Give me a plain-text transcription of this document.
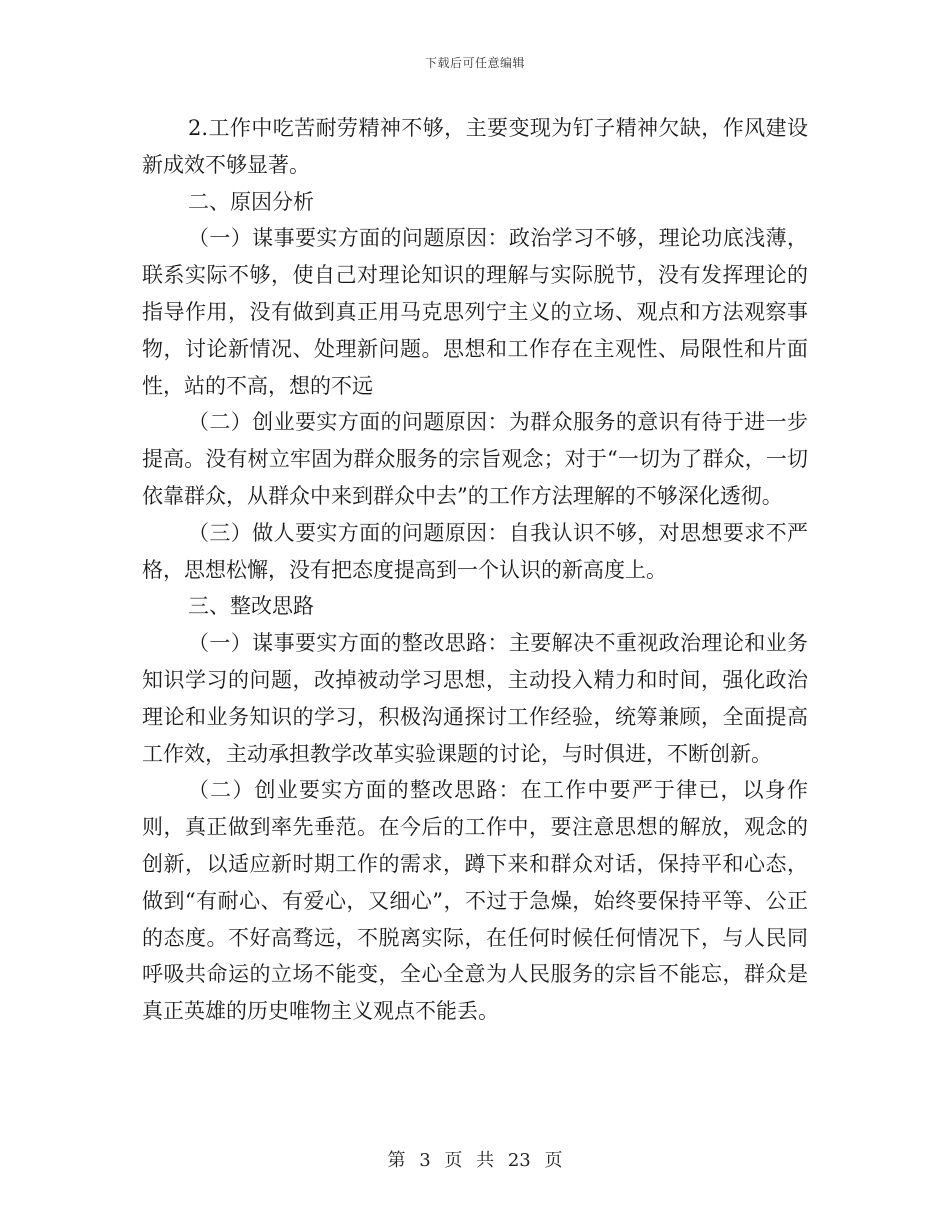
下载后可任意编辑

2.工作中吃苦耐劳精神不够，主要变现为钉子精神欠缺，作风建设新成效不够显著。

二、原因分析

（一）谋事要实方面的问题原因：政治学习不够，理论功底浅薄，联系实际不够，使自己对理论知识的理解与实际脱节，没有发挥理论的指导作用，没有做到真正用马克思列宁主义的立场、观点和方法观察事物，讨论新情况、处理新问题。思想和工作存在主观性、局限性和片面性，站的不高，想的不远

（二）创业要实方面的问题原因：为群众服务的意识有待于进一步提高。没有树立牢固为群众服务的宗旨观念；对于“一切为了群众，一切依靠群众，从群众中来到群众中去”的工作方法理解的不够深化透彻。

（三）做人要实方面的问题原因：自我认识不够，对思想要求不严格，思想松懈，没有把态度提高到一个认识的新高度上。

三、整改思路

（一）谋事要实方面的整改思路：主要解决不重视政治理论和业务知识学习的问题，改掉被动学习思想，主动投入精力和时间，强化政治理论和业务知识的学习，积极沟通探讨工作经验，统筹兼顾，全面提高工作效，主动承担教学改革实验课题的讨论，与时俱进，不断创新。

（二）创业要实方面的整改思路：在工作中要严于律已，以身作则，真正做到率先垂范。在今后的工作中，要注意思想的解放，观念的创新，以适应新时期工作的需求，蹲下来和群众对话，保持平和心态，做到“有耐心、有爱心，又细心”，不过于急燥，始终要保持平等、公正的态度。不好高骛远，不脱离实际，在任何时候任何情况下，与人民同呼吸共命运的立场不能变，全心全意为人民服务的宗旨不能忘，群众是真正英雄的历史唯物主义观点不能丢。

第 3 页 共 23 页
